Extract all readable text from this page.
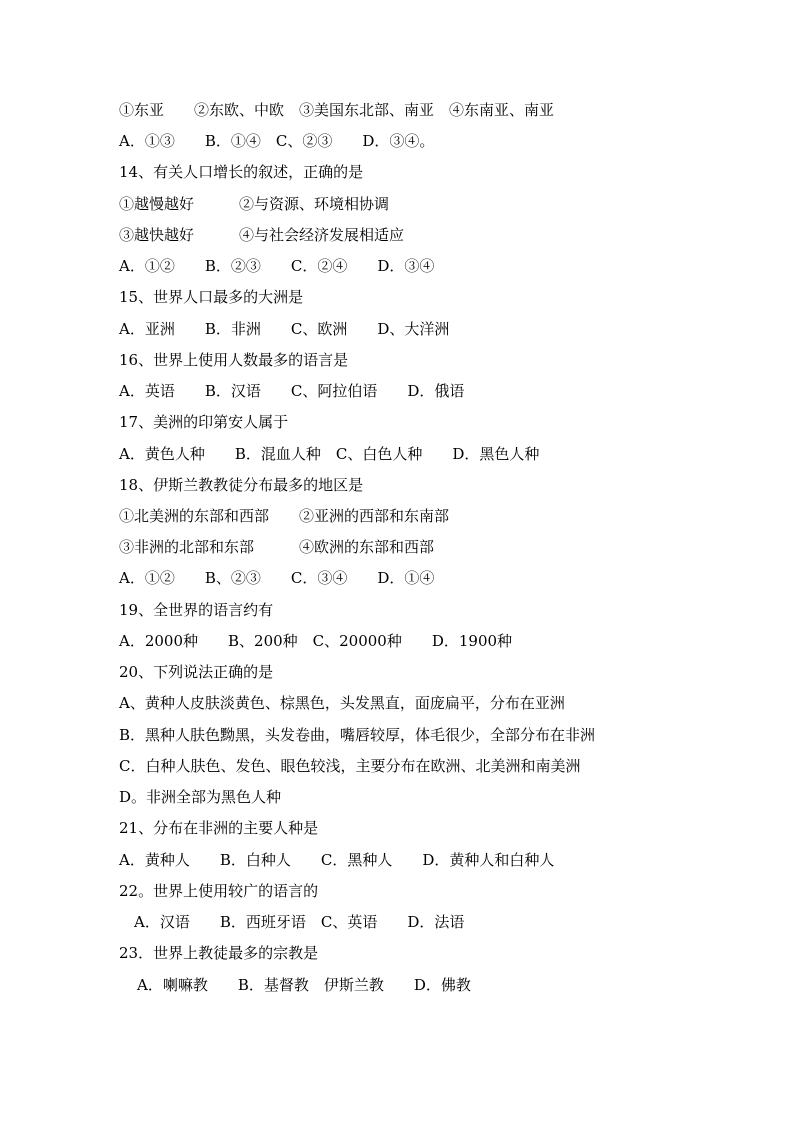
①东亚　　②东欧、中欧　③美国东北部、南亚　④东南亚、南亚
A．①③　　B．①④　C、②③　　D．③④。
14、有关人口增长的叙述，正确的是
①越慢越好　　　②与资源、环境相协调
③越快越好　　　④与社会经济发展相适应
A．①②　　B．②③　　C．②④　　D．③④
15、世界人口最多的大洲是
A．亚洲　　B．非洲　　C、欧洲　　D、大洋洲
16、世界上使用人数最多的语言是
A．英语　　B．汉语　　C、阿拉伯语　　D．俄语
17、美洲的印第安人属于
A．黄色人种　　B．混血人种　C、白色人种　　D．黑色人种
18、伊斯兰教教徒分布最多的地区是
①北美洲的东部和西部　　②亚洲的西部和东南部
③非洲的北部和东部　　　④欧洲的东部和西部
A．①②　　B、②③　　C．③④　　D．①④
19、全世界的语言约有
A．2000种　　B、200种　C、20000种　　D．1900种
20、下列说法正确的是
A、黄种人皮肤淡黄色、棕黑色，头发黑直，面庞扁平，分布在亚洲
B．黑种人肤色黝黑，头发卷曲，嘴唇较厚，体毛很少，全部分布在非洲
C．白种人肤色、发色、眼色较浅，主要分布在欧洲、北美洲和南美洲
D。非洲全部为黑色人种
21、分布在非洲的主要人种是
A．黄种人　　B．白种人　　C．黑种人　　D．黄种人和白种人
22。世界上使用较广的语言的
A．汉语　　B．西班牙语　C、英语　　D．法语
23．世界上教徒最多的宗教是
A．喇嘛教　　B．基督教　伊斯兰教　　D．佛教
